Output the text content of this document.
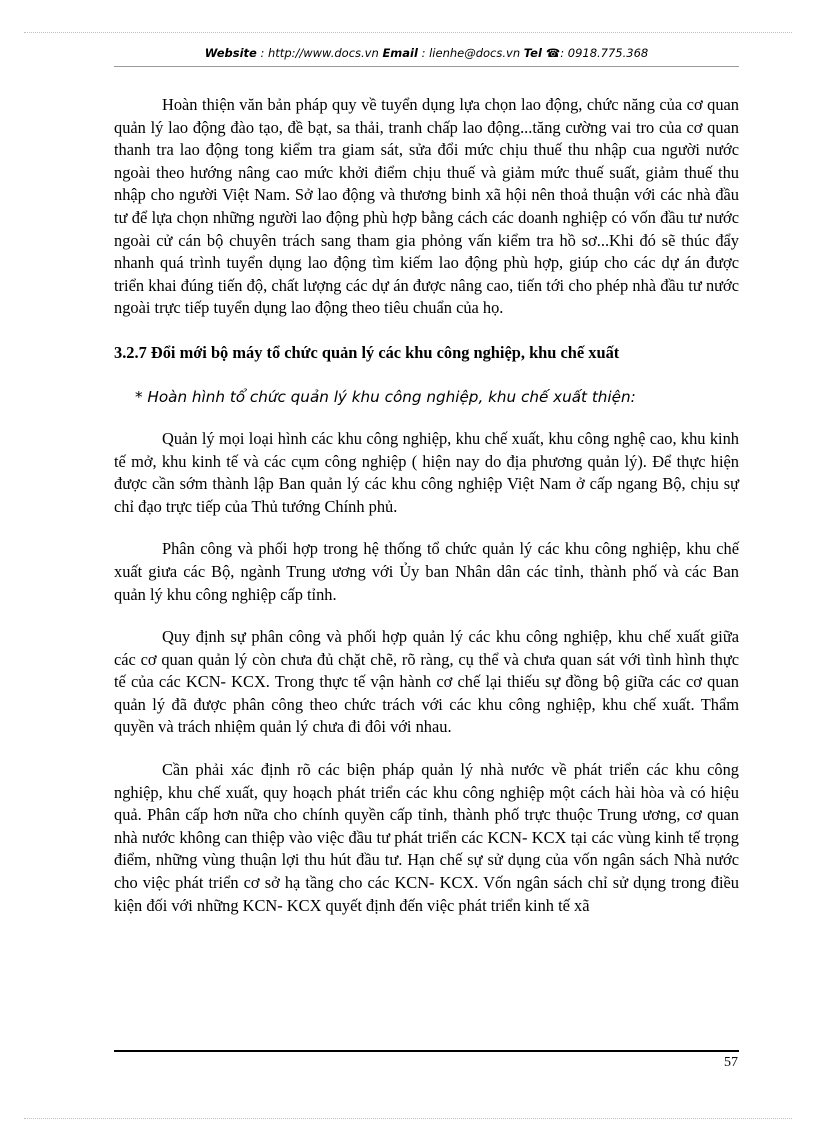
Website : http://www.docs.vn Email : lienhe@docs.vn Tel ☎: 0918.775.368

Hoàn thiện văn bản pháp quy về tuyển dụng lựa chọn lao động, chức năng của cơ quan quản lý lao động đào tạo, đề bạt, sa thải, tranh chấp lao động...tăng cường vai tro của cơ quan thanh tra lao động tong kiểm tra giam sát, sửa đổi mức chịu thuế thu nhập cua người nước ngoài theo hướng nâng cao mức khởi điểm chịu thuế và giảm mức thuế suất, giảm thuế thu nhập cho người Việt Nam. Sở lao động và thương binh xã hội nên thoả thuận với các nhà đầu tư để lựa chọn những người lao động phù hợp bằng cách các doanh nghiệp có vốn đầu tư nước ngoài cử cán bộ chuyên trách sang tham gia phỏng vấn kiểm tra hồ sơ...Khi đó sẽ thúc đẩy nhanh quá trình tuyển dụng lao động tìm kiếm lao động phù hợp, giúp cho các dự án được triển khai đúng tiến độ, chất lượng các dự án được nâng cao, tiến tới cho phép nhà đầu tư nước ngoài trực tiếp tuyển dụng lao động theo tiêu chuẩn của họ.

3.2.7 Đổi mới bộ máy tổ chức quản lý các khu công nghiệp, khu chế xuất
* Hoàn hình tổ chức quản lý khu công nghiệp, khu chế xuất thiện:

Quản lý mọi loại hình các khu công nghiệp, khu chế xuất, khu công nghệ cao, khu kinh tế mở, khu kinh tế và các cụm công nghiệp ( hiện nay do địa phương quản lý). Để thực hiện được cần sớm thành lập Ban quản lý các khu công nghiệp Việt Nam ở cấp ngang Bộ, chịu sự chỉ đạo trực tiếp của Thủ tướng Chính phủ.

Phân công và phối hợp trong hệ thống tổ chức quản lý các khu công nghiệp, khu chế xuất giưa các Bộ, ngành Trung ương với Ủy ban Nhân dân các tỉnh, thành phố và các Ban quản lý khu công nghiệp cấp tỉnh.

Quy định sự phân công và phối hợp quản lý các khu công nghiệp, khu chế xuất giữa các cơ quan quản lý còn chưa đủ chặt chẽ, rõ ràng, cụ thể và chưa quan sát với tình hình thực tế của các KCN- KCX. Trong thực tế vận hành cơ chế lại thiếu sự đồng bộ giữa các cơ quan quản lý đã được phân công theo chức trách với các khu công nghiệp, khu chế xuất. Thẩm quyền và trách nhiệm quản lý chưa đi đôi với nhau.

Cần phải xác định rõ các biện pháp quản lý nhà nước về phát triển các khu công nghiệp, khu chế xuất, quy hoạch phát triển các khu công nghiệp một cách hài hòa và có hiệu quả. Phân cấp hơn nữa cho chính quyền cấp tỉnh, thành phố trực thuộc Trung ương, cơ quan nhà nước không can thiệp vào việc đầu tư phát triển các KCN- KCX tại các vùng kinh tế trọng điểm, những vùng thuận lợi thu hút đầu tư. Hạn chế sự sử dụng của vốn ngân sách Nhà nước cho việc phát triển cơ sở hạ tầng cho các KCN- KCX. Vốn ngân sách chỉ sử dụng trong điều kiện đối với những KCN- KCX quyết định đến việc phát triển kinh tế xã

57
